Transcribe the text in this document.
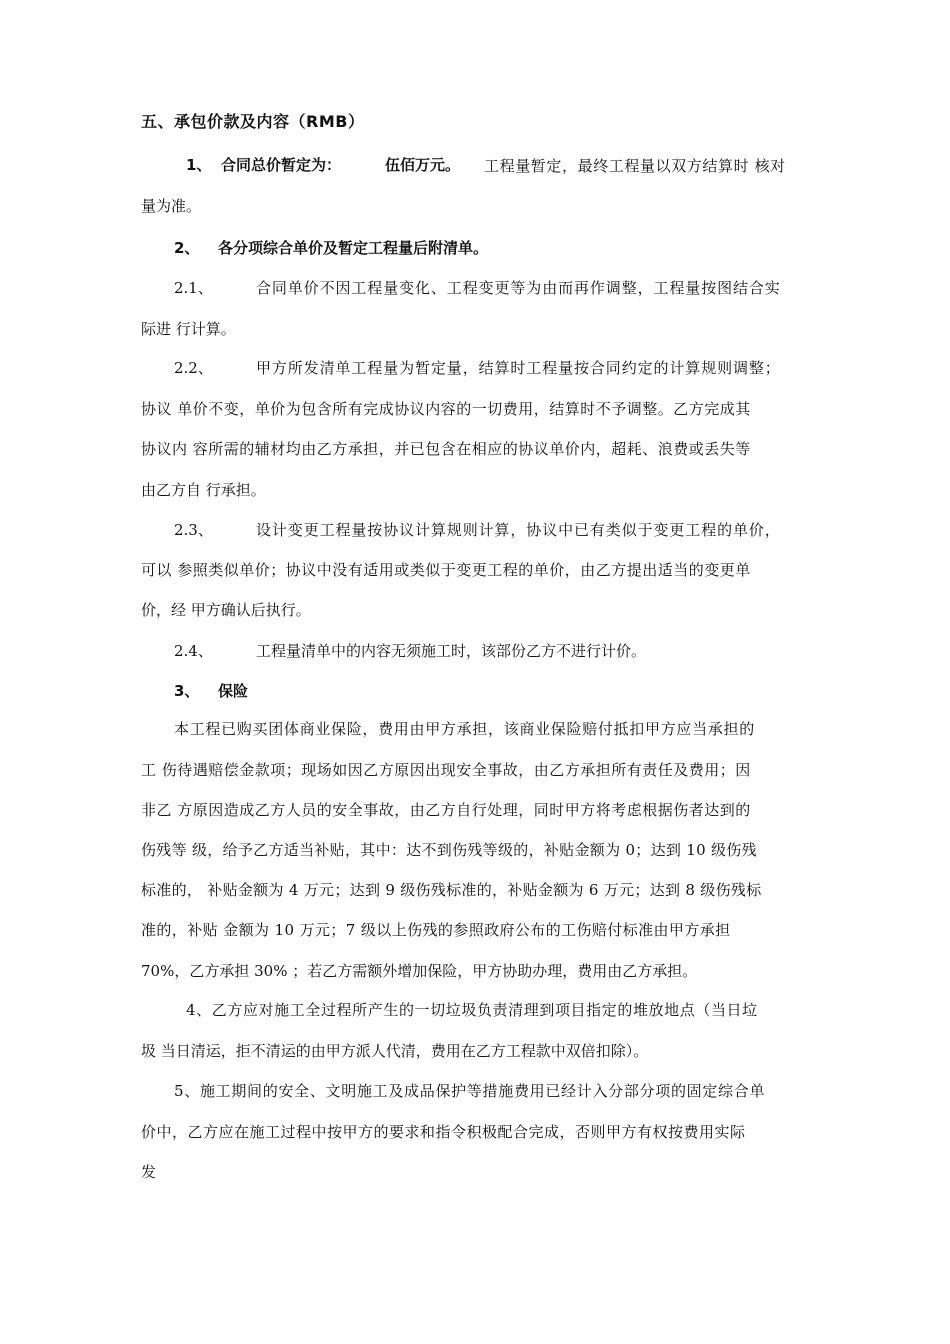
五、承包价款及内容（RMB）
1、 合同总价暂定为：	伍佰万元。 工程量暂定，最终工程量以双方结算时 核对
量为准。
2、 各分项综合单价及暂定工程量后附清单。
2.1、	合同单价不因工程量变化、工程变更等为由而再作调整，工程量按图结合实
际进 行计算。
2.2、	甲方所发清单工程量为暂定量，结算时工程量按合同约定的计算规则调整；
协议 单价不变，单价为包含所有完成协议内容的一切费用，结算时不予调整。乙方完成其
协议内 容所需的辅材均由乙方承担，并已包含在相应的协议单价内，超耗、浪费或丢失等
由乙方自 行承担。
2.3、	设计变更工程量按协议计算规则计算，协议中已有类似于变更工程的单价，
可以 参照类似单价；协议中没有适用或类似于变更工程的单价，由乙方提出适当的变更单
价，经 甲方确认后执行。
2.4、	工程量清单中的内容无须施工时，该部份乙方不进行计价。
3、 保险
本工程已购买团体商业保险，费用由甲方承担，该商业保险赔付抵扣甲方应当承担的
工 伤待遇赔偿金款项；现场如因乙方原因出现安全事故，由乙方承担所有责任及费用；因
非乙 方原因造成乙方人员的安全事故，由乙方自行处理，同时甲方将考虑根据伤者达到的
伤残等 级，给予乙方适当补贴，其中：达不到伤残等级的，补贴金额为 0；达到 10 级伤残
标准的， 补贴金额为 4 万元；达到 9 级伤残标准的，补贴金额为 6 万元；达到 8 级伤残标
准的，补贴 金额为 10 万元；7 级以上伤残的参照政府公布的工伤赔付标准由甲方承担
70%，乙方承担 30% ；若乙方需额外增加保险，甲方协助办理，费用由乙方承担。
4、乙方应对施工全过程所产生的一切垃圾负责清理到项目指定的堆放地点（当日垃
圾 当日清运，拒不清运的由甲方派人代清，费用在乙方工程款中双倍扣除）。
5、施工期间的安全、文明施工及成品保护等措施费用已经计入分部分项的固定综合单
价中，乙方应在施工过程中按甲方的要求和指令积极配合完成，否则甲方有权按费用实际
发
